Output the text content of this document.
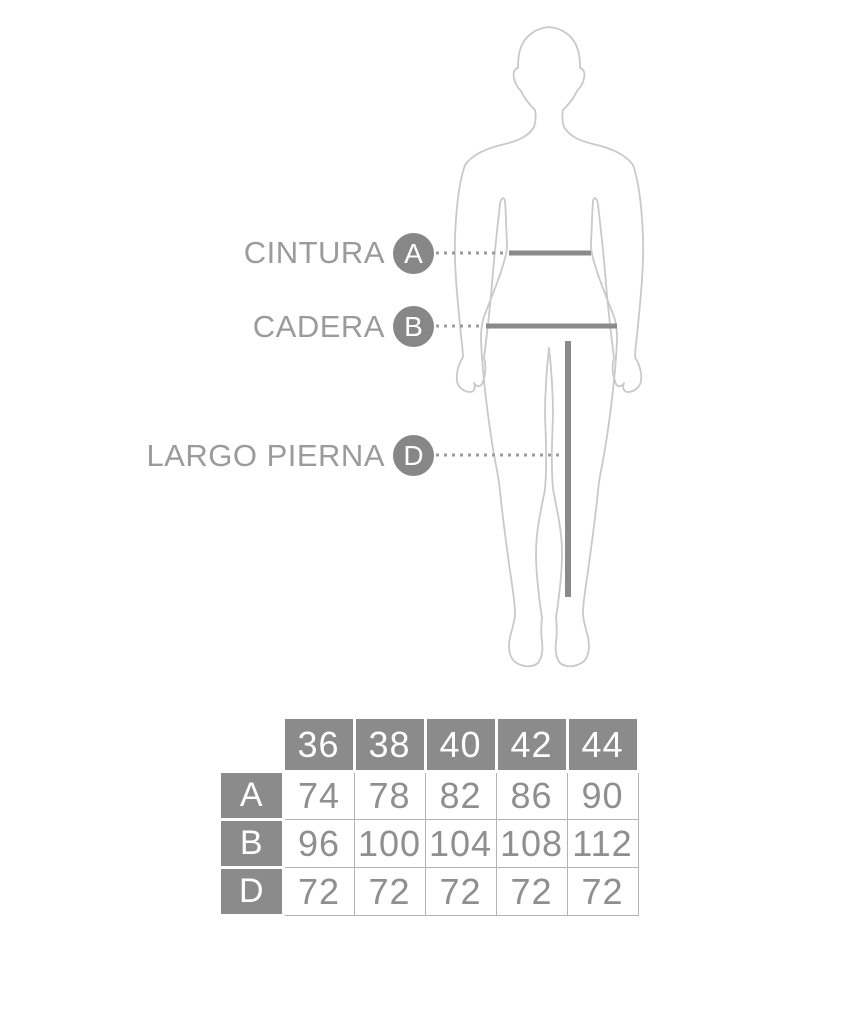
CINTURA
CADERA
LARGO PIERNA
A
B
D
	36	38	40	42	44
A	74	78	82	86	90
B	96	100	104	108	112
D	72	72	72	72	72
